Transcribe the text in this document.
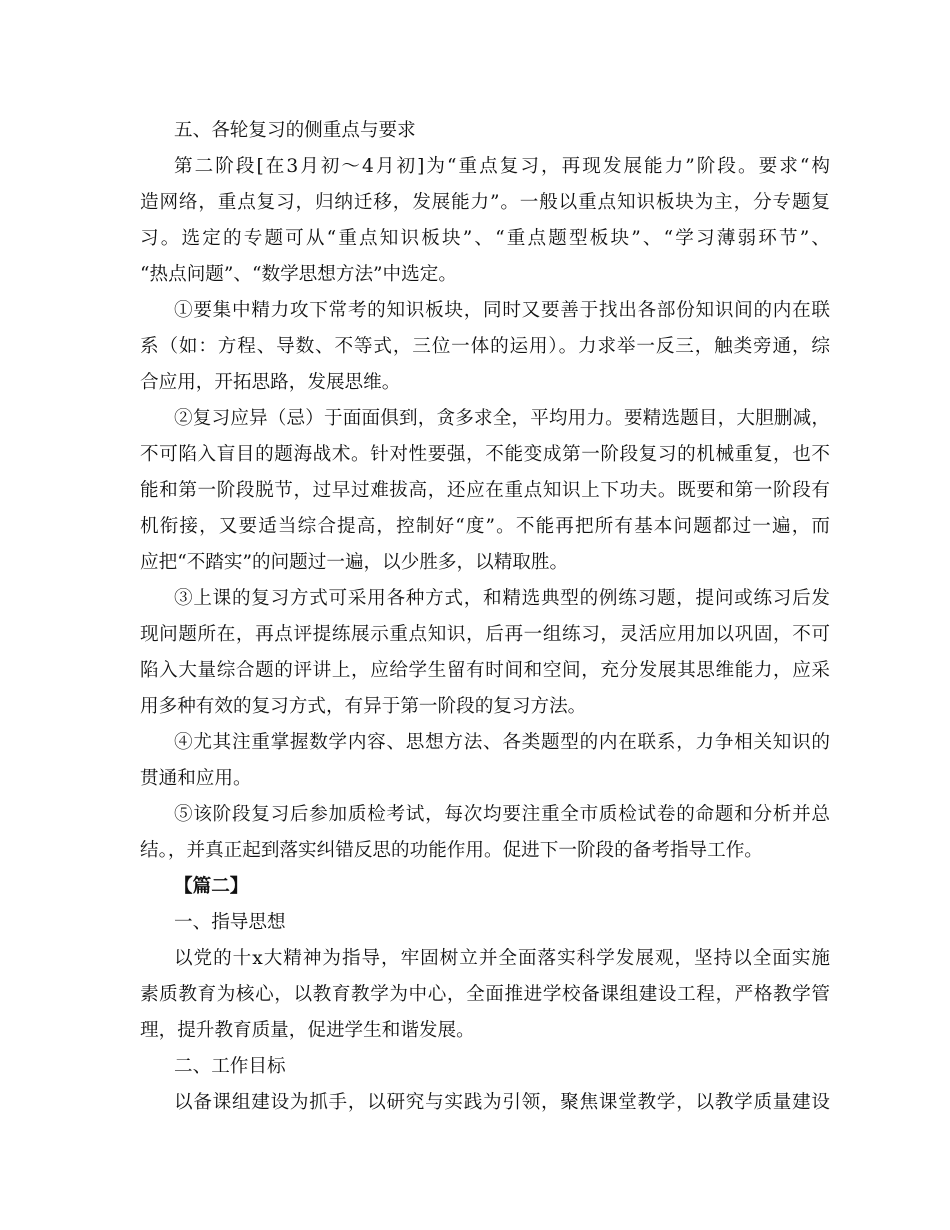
五、各轮复习的侧重点与要求
第二阶段[在3月初～4月初]为“重点复习，再现发展能力”阶段。要求“构
造网络，重点复习，归纳迁移，发展能力”。一般以重点知识板块为主，分专题复
习。选定的专题可从“重点知识板块”、“重点题型板块”、“学习薄弱环节”、
“热点问题”、“数学思想方法”中选定。
①要集中精力攻下常考的知识板块，同时又要善于找出各部份知识间的内在联
系（如：方程、导数、不等式，三位一体的运用）。力求举一反三，触类旁通，综
合应用，开拓思路，发展思维。
②复习应异（忌）于面面俱到，贪多求全，平均用力。要精选题目，大胆删减，
不可陷入盲目的题海战术。针对性要强，不能变成第一阶段复习的机械重复，也不
能和第一阶段脱节，过早过难拔高，还应在重点知识上下功夫。既要和第一阶段有
机衔接，又要适当综合提高，控制好“度”。不能再把所有基本问题都过一遍，而
应把“不踏实”的问题过一遍，以少胜多，以精取胜。
③上课的复习方式可采用各种方式，和精选典型的例练习题，提问或练习后发
现问题所在，再点评提练展示重点知识，后再一组练习，灵活应用加以巩固，不可
陷入大量综合题的评讲上，应给学生留有时间和空间，充分发展其思维能力，应采
用多种有效的复习方式，有异于第一阶段的复习方法。
④尤其注重掌握数学内容、思想方法、各类题型的内在联系，力争相关知识的
贯通和应用。
⑤该阶段复习后参加质检考试，每次均要注重全市质检试卷的命题和分析并总
结。，并真正起到落实纠错反思的功能作用。促进下一阶段的备考指导工作。
【篇二】
一、指导思想
以党的十x大精神为指导，牢固树立并全面落实科学发展观，坚持以全面实施
素质教育为核心，以教育教学为中心，全面推进学校备课组建设工程，严格教学管
理，提升教育质量，促进学生和谐发展。
二、工作目标
以备课组建设为抓手，以研究与实践为引领，聚焦课堂教学，以教学质量建设
